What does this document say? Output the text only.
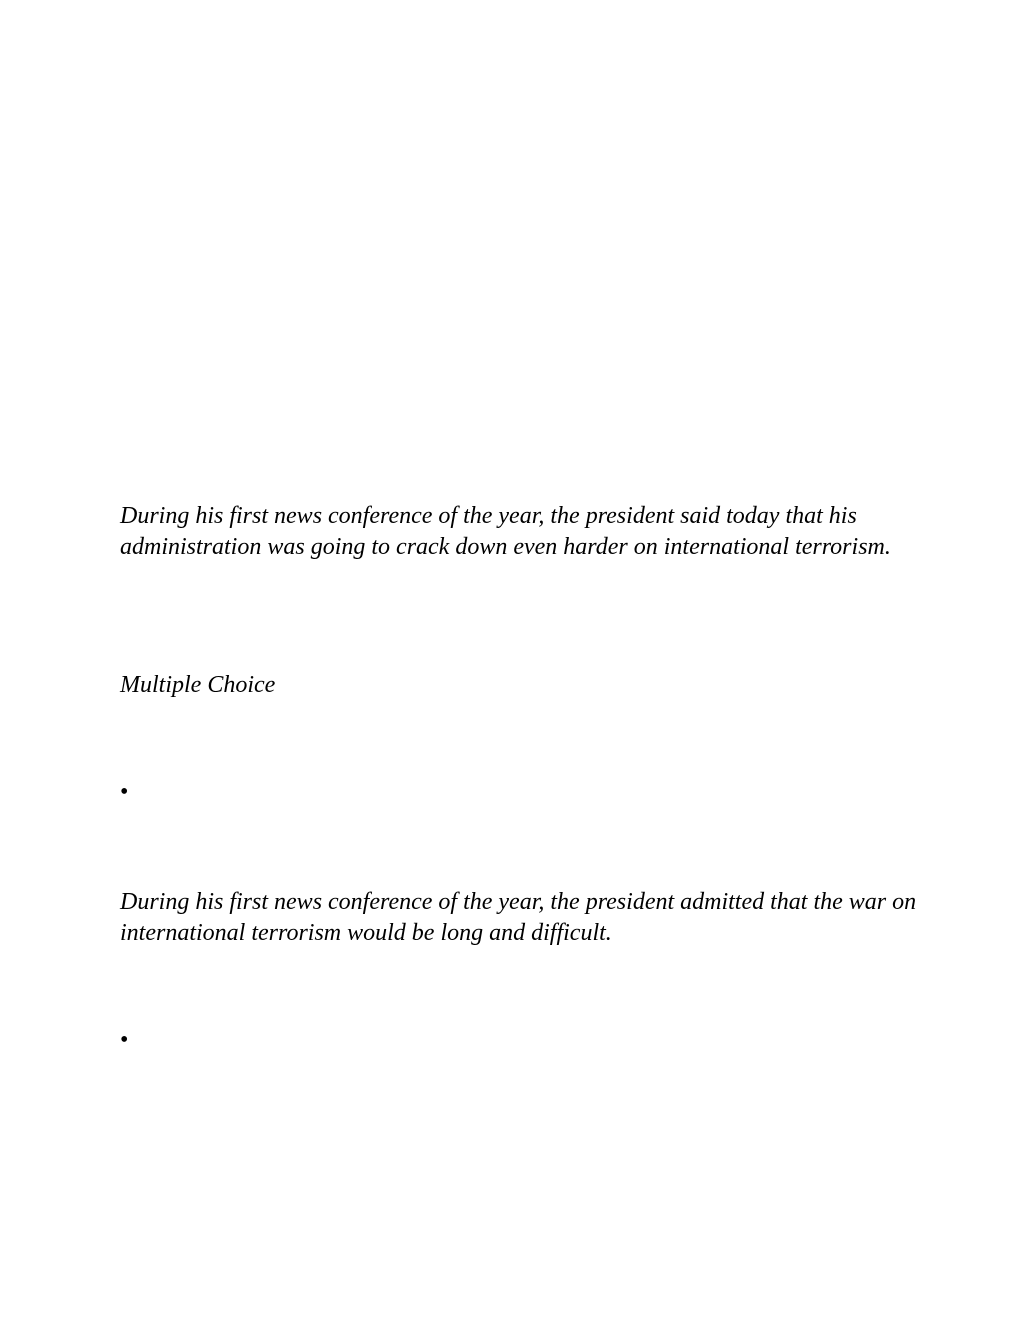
During his first news conference of the year, the president said today that his administration was going to crack down even harder on international terrorism.

Multiple Choice

•

During his first news conference of the year, the president admitted that the war on international terrorism would be long and difficult.

•
